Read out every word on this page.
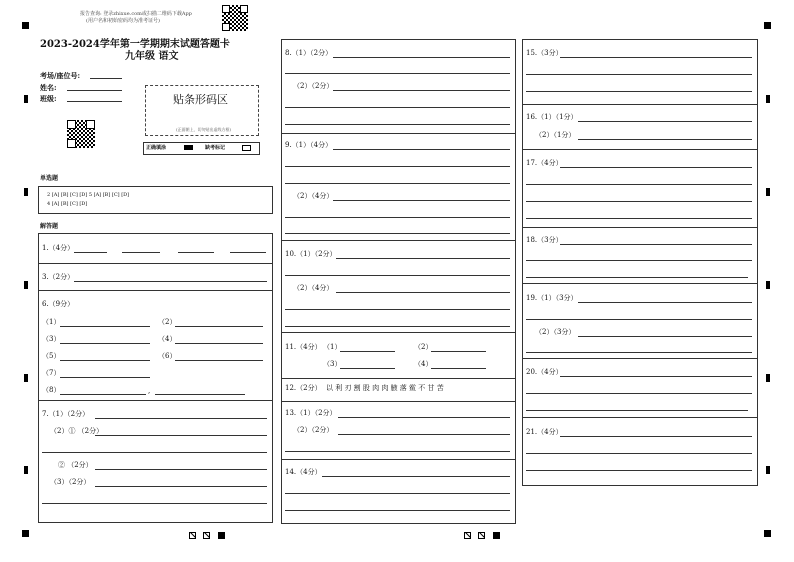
报告查询: 登录zhixue.com或扫描二维码下载App
(用户名和初始密码均为准考证号)
2023-2024学年第一学期期末试题答题卡
九年级 语文
考场/座位号:
姓名:
班级:	贴条形码区
(正面朝上，切勿贴出虚线方框)
正确填涂	缺考标记
单选题
2 [A] [B] [C] [D] 5 [A] [B] [C] [D]
4 [A] [B] [C] [D]
解答题
1.（4分）
3.（2分）
6.（9分）
（1）	（2）
（3）	（4）
（5）	（6）
（7）
（8）	,
7.（1）（2分）
（2）① （2分）
② （2分）
（3）（2分）
8.（1）（2分）
（2）（2分）
9.（1）（4分）
（2）（4分）
10.（1）（2分）
（2）（4分）
11.（4分） （1）	（2）
（3）	（4）
12.（2分） 以 利 刃 割 股 肉 肉 腋 落 鲎 不 甘 苦
13.（1）（2分）
（2）（2分）
14.（4分）
15.（3分）
16.（1）（1分）
（2）（1分）
17.（4分）
18.（3分）
19.（1）（3分）
（2）（3分）
20.（4分）
21.（4分）
